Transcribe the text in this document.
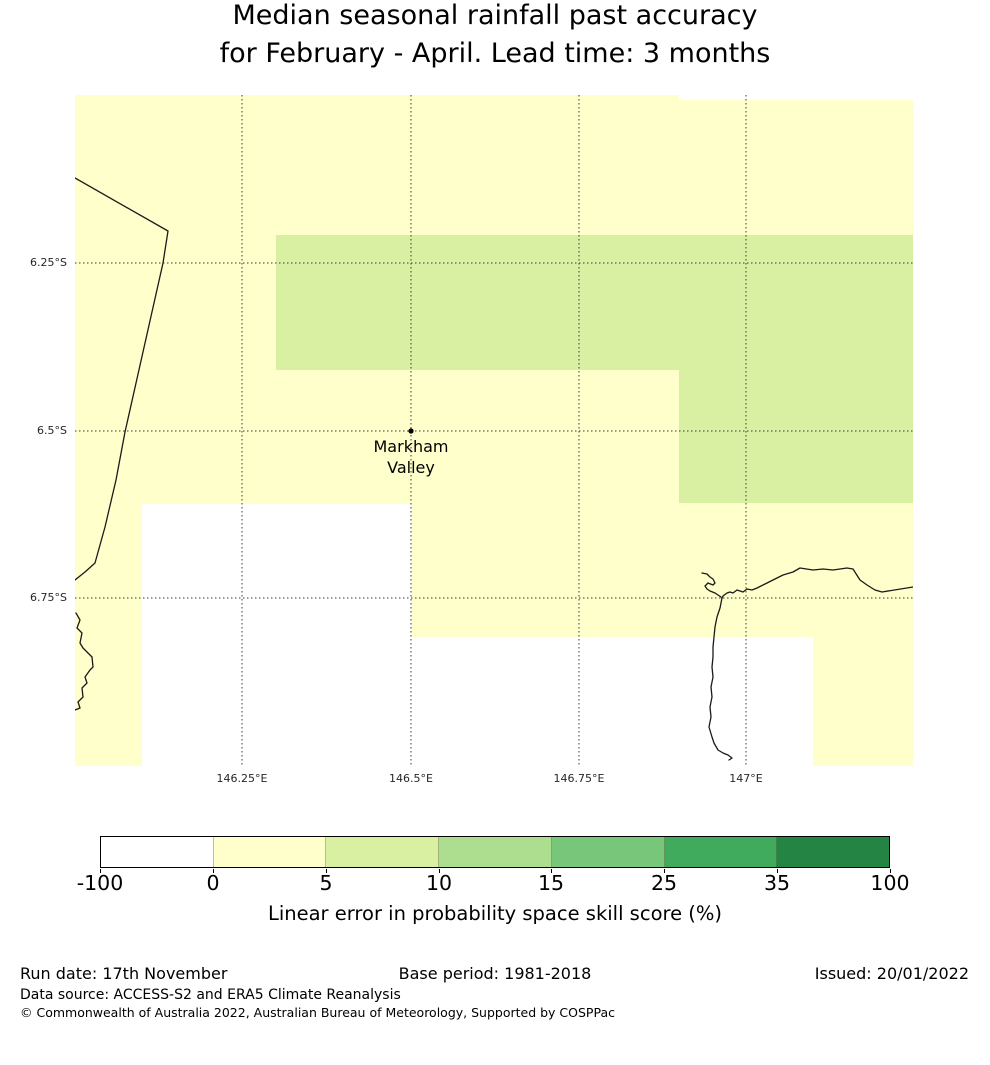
Median seasonal rainfall past accuracy
for February - April. Lead time: 3 months
Markham
Valley
6.25°S
6.5°S
6.75°S
146.25°E	146.5°E	146.75°E	147°E
-100	0	5	10	15	25	35	100
Linear error in probability space skill score (%)
Run date: 17th November	Base period: 1981-2018	Issued: 20/01/2022
Data source: ACCESS-S2 and ERA5 Climate Reanalysis
© Commonwealth of Australia 2022, Australian Bureau of Meteorology, Supported by COSPPac
